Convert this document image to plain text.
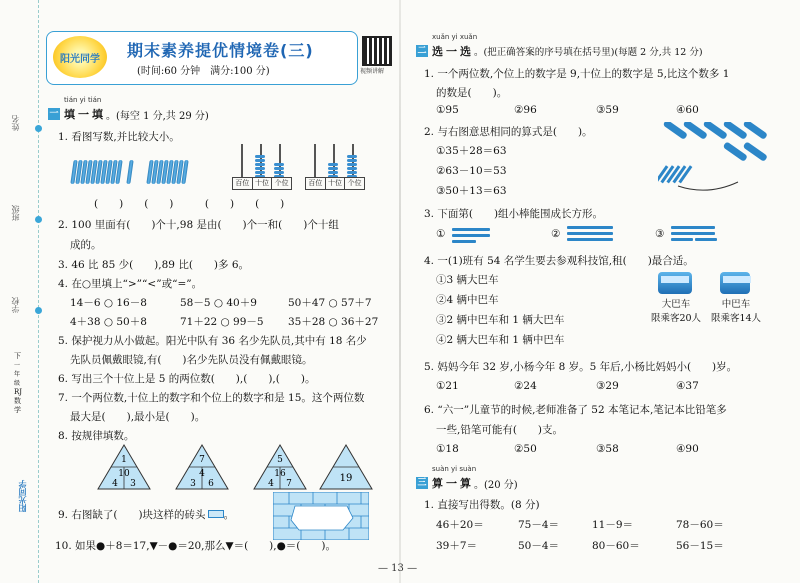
姓名
班级
学校
下
一年级
RJ
数学
阳光同学
阳光同学	期末素养提优情境卷(三)
(时间:60 分钟　满分:100 分)	视频讲解
tián yi tián
一 填一填 。(每空 1 分,共 29 分)
1. 看图写数,并比较大小。
百位 十位 个位	百位 十位 个位
(　　)　　(　　)　　　(　　)　　(　　)
2. 100 里面有(　　)个十,98 是由(　　)个一和(　　)个十组
成的。
3. 46 比 85 少(　　),89 比(　　)多 6。
4. 在○里填上“>”“<”或“=”。
14－6 ○ 16－8	58－5 ○ 40＋9	50＋47 ○ 57＋7
4＋38 ○ 50＋8	71＋22 ○ 99－5 35＋28 ○ 36＋27
5. 保护视力从小做起。阳光中队有 36 名少先队员,其中有 18 名少
先队员佩戴眼镜,有(　　)名少先队员没有佩戴眼镜。
6. 写出三个十位上是 5 的两位数(　　),(　　),(　　)。
7. 一个两位数,十位上的数字和个位上的数字和是 15。这个两位数
最大是(　　),最小是(　　)。
8. 按规律填数。
1
10
4 3
7
4
3 6
5
16
4 7	19
9. 右图缺了(　　)块这样的砖头 。
10. 如果●＋8＝17,▼－●＝20,那么▼＝(　　),●＝(　　)。
xuǎn yi xuǎn
二 选一选 。(把正确答案的序号填在括号里)(每题 2 分,共 12 分)
1. 一个两位数,个位上的数字是 9,十位上的数字是 5,比这个数多 1
的数是(　　)。
①95	②96	③59	④60
2. 与右图意思相同的算式是(　　)。
①35＋28＝63
②63－10＝53
③50＋13＝63
3. 下面第(　　)组小棒能围成长方形。
①	②	③
4. 一(1)班有 54 名学生要去参观科技馆,租(　　)最合适。
①3 辆大巴车
②4 辆中巴车
③2 辆中巴车和 1 辆大巴车
④2 辆大巴车和 1 辆中巴车
大巴车
限乘客20人
中巴车
限乘客14人
5. 妈妈今年 32 岁,小杨今年 8 岁。5 年后,小杨比妈妈小(　　)岁。
①21	②24	③29	④37
6. “六一”儿童节的时候,老师准备了 52 本笔记本,笔记本比铅笔多
一些,铅笔可能有(　　)支。
①18	②50	③58	④90
suàn yi suàn
三 算一算 。(20 分)
1. 直接写出得数。(8 分)
46＋20＝	75－4＝	11－9＝	78－60＝
39＋7＝	50－4＝	80－60＝	56－15＝
— 13 —
